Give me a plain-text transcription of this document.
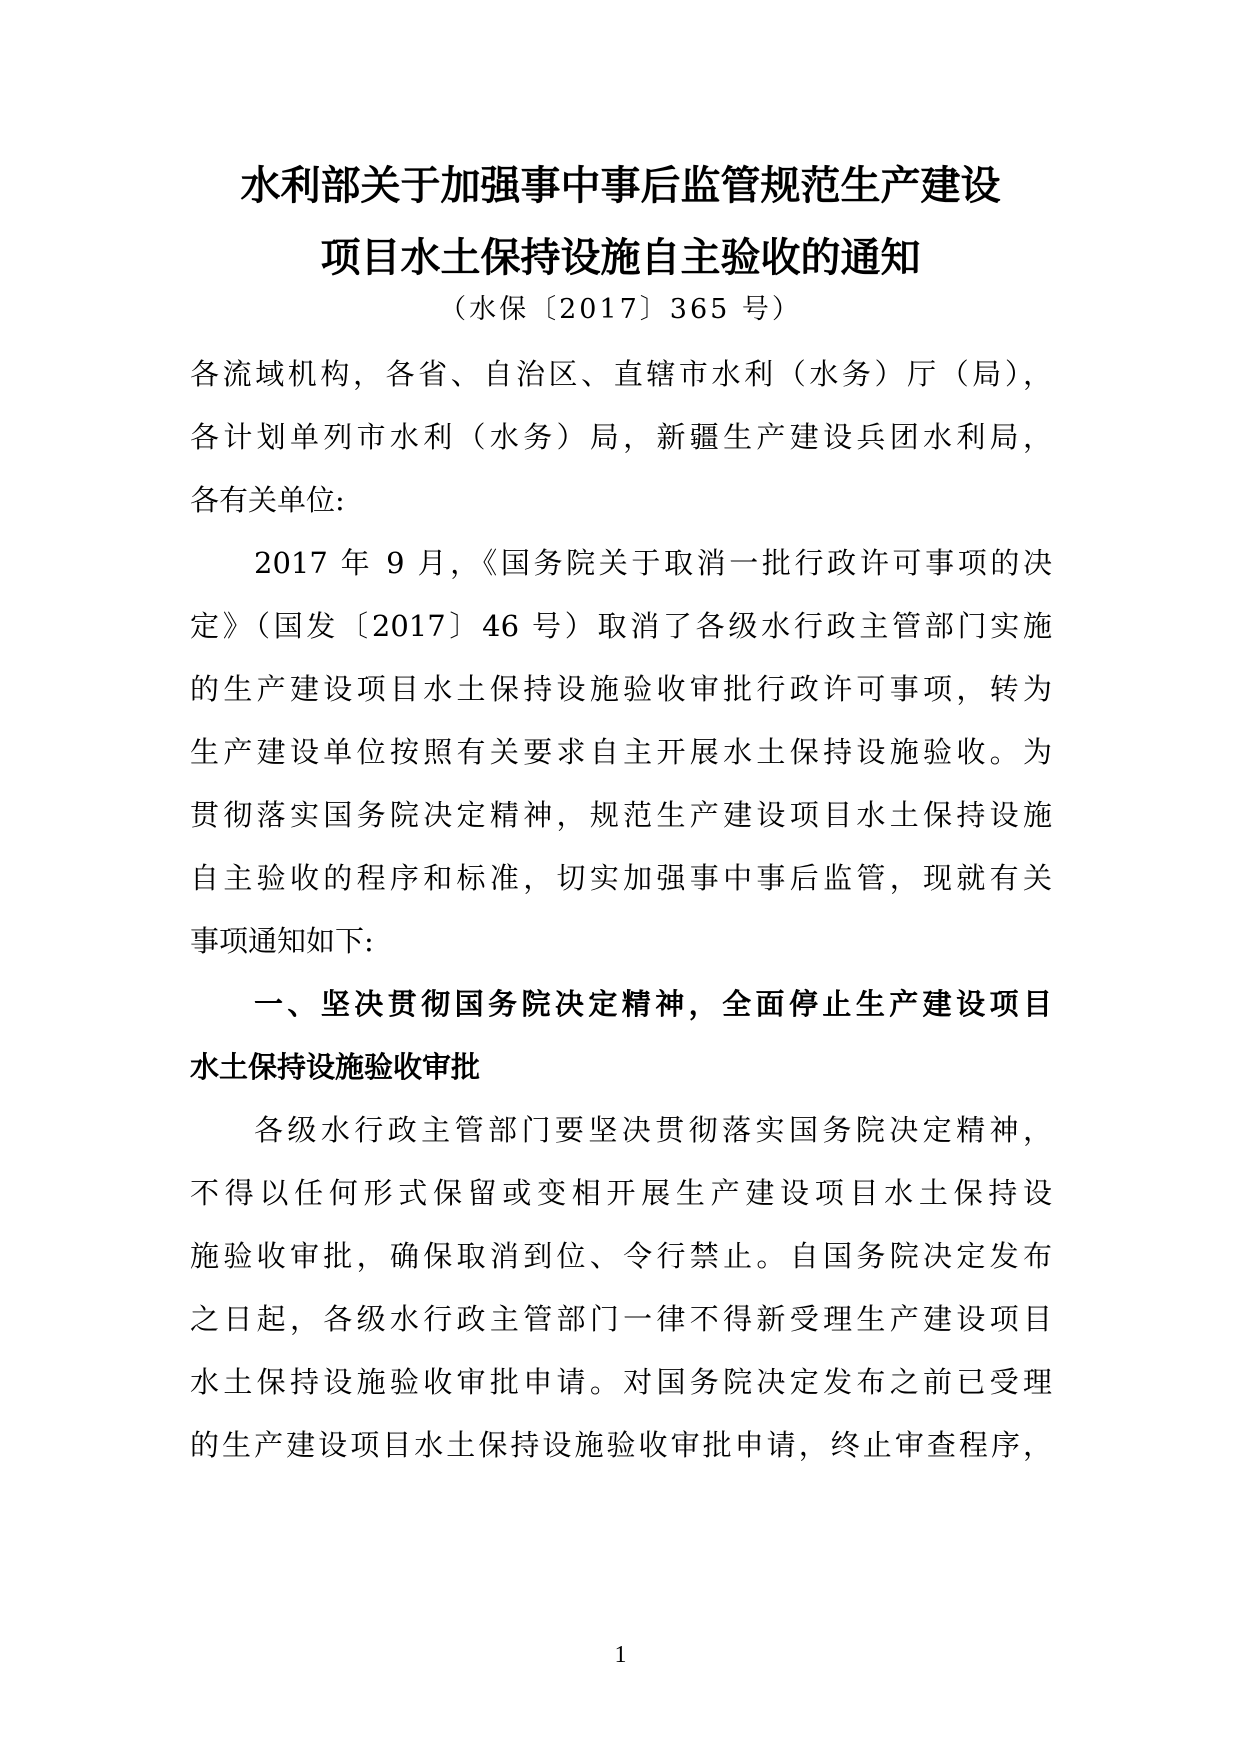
水利部关于加强事中事后监管规范生产建设
项目水土保持设施自主验收的通知
（水保〔2017〕365 号）
各流域机构，各省、自治区、直辖市水利（水务）厅（局），
各计划单列市水利（水务）局，新疆生产建设兵团水利局，
各有关单位:
2017 年 9 月，《国务院关于取消一批行政许可事项的决
定》（国发〔2017〕46 号）取消了各级水行政主管部门实施
的生产建设项目水土保持设施验收审批行政许可事项，转为
生产建设单位按照有关要求自主开展水土保持设施验收。为
贯彻落实国务院决定精神，规范生产建设项目水土保持设施
自主验收的程序和标准，切实加强事中事后监管，现就有关
事项通知如下:
一、坚决贯彻国务院决定精神，全面停止生产建设项目
水土保持设施验收审批
各级水行政主管部门要坚决贯彻落实国务院决定精神，
不得以任何形式保留或变相开展生产建设项目水土保持设
施验收审批，确保取消到位、令行禁止。自国务院决定发布
之日起，各级水行政主管部门一律不得新受理生产建设项目
水土保持设施验收审批申请。对国务院决定发布之前已受理
的生产建设项目水土保持设施验收审批申请，终止审查程序，
1
